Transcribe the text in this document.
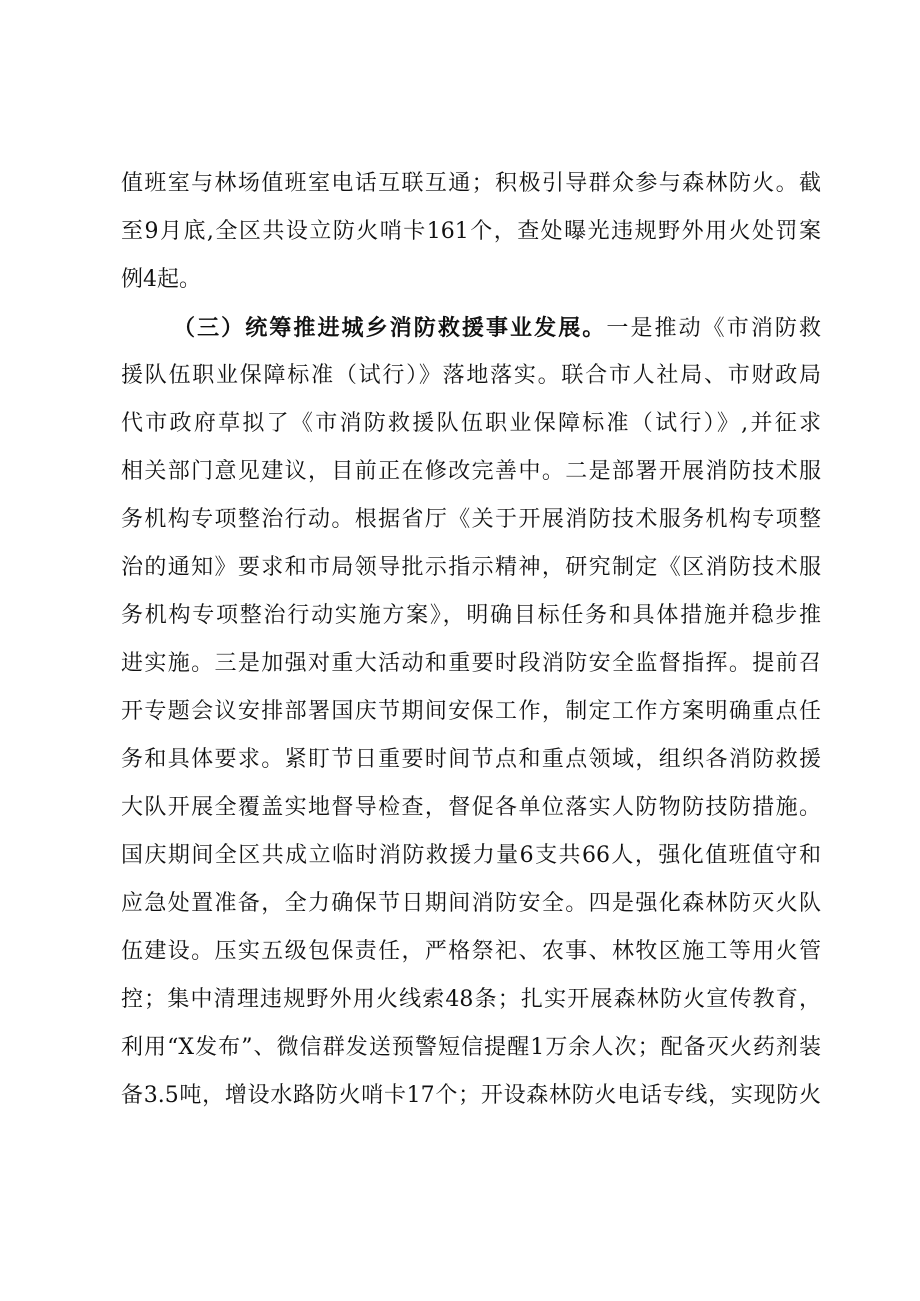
值班室与林场值班室电话互联互通；积极引导群众参与森林防火。截
至9月底,全区共设立防火哨卡161个，查处曝光违规野外用火处罚案
例4起。
（三）统筹推进城乡消防救援事业发展。一是推动《市消防救
援队伍职业保障标准（试行）》落地落实。联合市人社局、市财政局
代市政府草拟了《市消防救援队伍职业保障标准（试行）》,并征求
相关部门意见建议，目前正在修改完善中。二是部署开展消防技术服
务机构专项整治行动。根据省厅《关于开展消防技术服务机构专项整
治的通知》要求和市局领导批示指示精神，研究制定《区消防技术服
务机构专项整治行动实施方案》，明确目标任务和具体措施并稳步推
进实施。三是加强对重大活动和重要时段消防安全监督指挥。提前召
开专题会议安排部署国庆节期间安保工作，制定工作方案明确重点任
务和具体要求。紧盯节日重要时间节点和重点领域，组织各消防救援
大队开展全覆盖实地督导检查，督促各单位落实人防物防技防措施。
国庆期间全区共成立临时消防救援力量6支共66人，强化值班值守和
应急处置准备，全力确保节日期间消防安全。四是强化森林防灭火队
伍建设。压实五级包保责任，严格祭祀、农事、林牧区施工等用火管
控；集中清理违规野外用火线索48条；扎实开展森林防火宣传教育，
利用“X发布”、微信群发送预警短信提醒1万余人次；配备灭火药剂装
备3.5吨，增设水路防火哨卡17个；开设森林防火电话专线，实现防火
